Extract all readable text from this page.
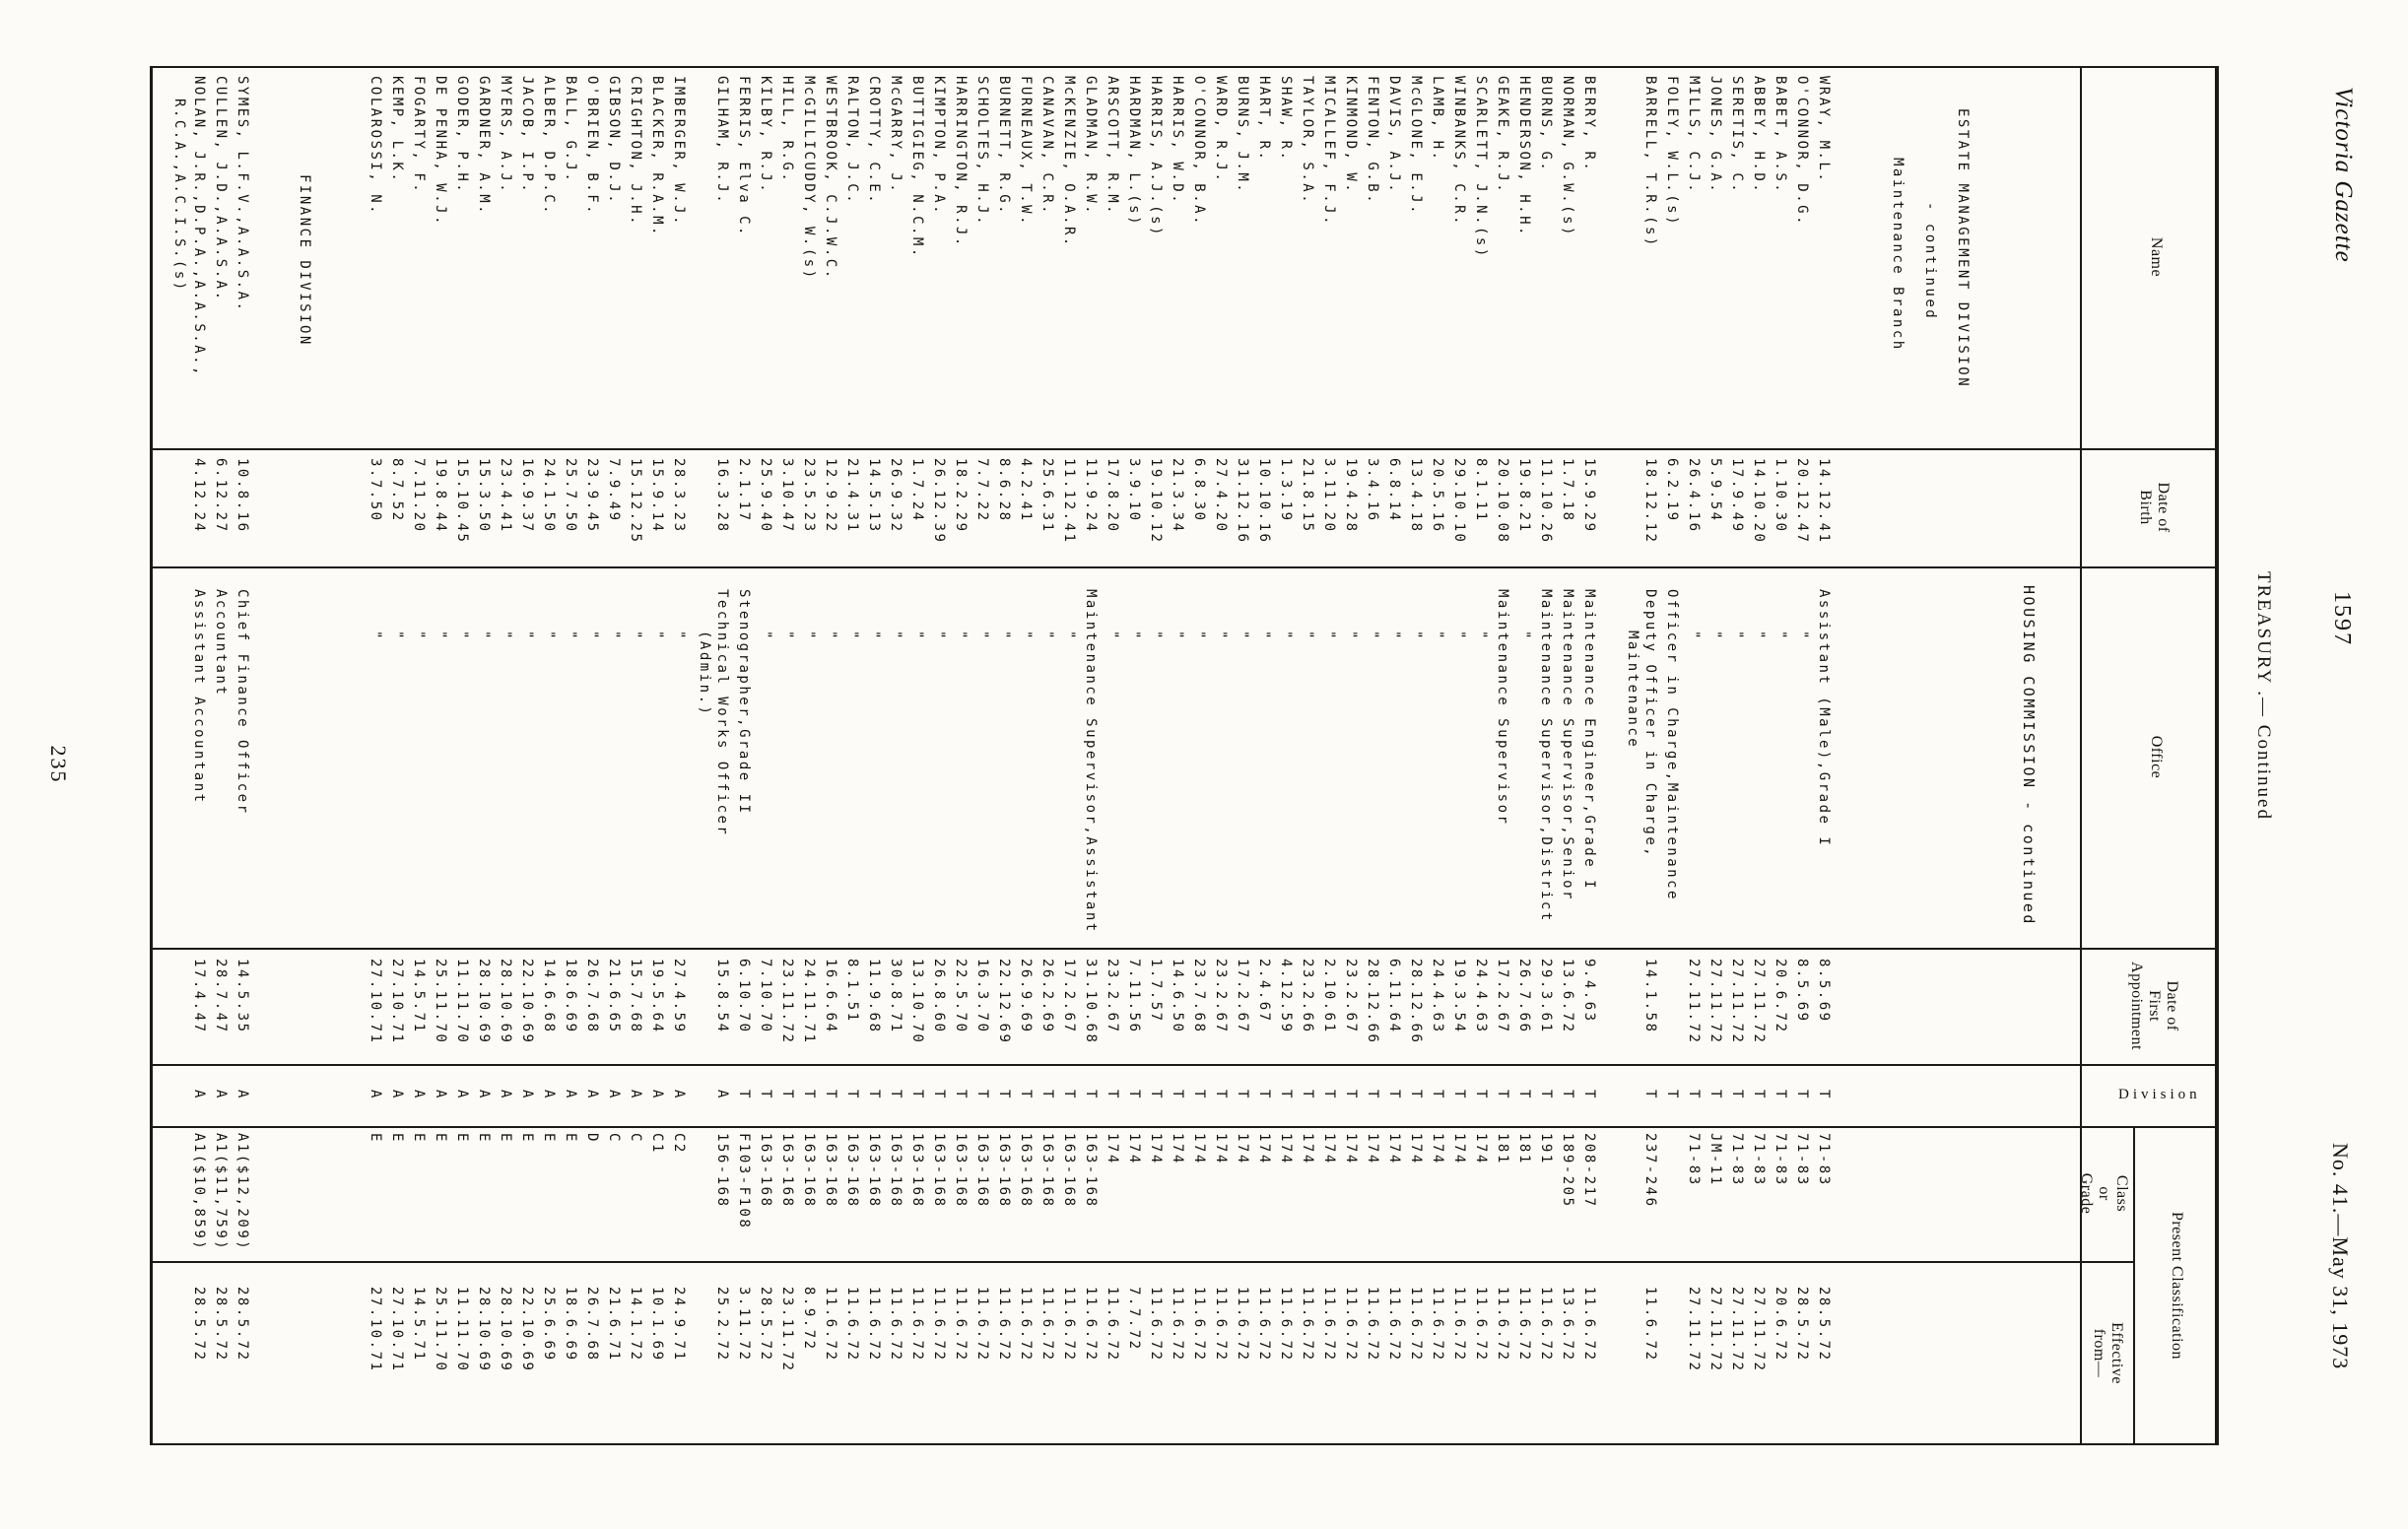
Victoria Gazette
1597
No. 41.—May 31, 1973
TREASURY .— Continued
Name
Date of
Birth
Office
Date of
First
Appointment
Division
Present Classification
Class
or
Grade
Effective
from—
HOUSING COMMISSION - continued
ESTATE MANAGEMENT DIVISION
- continued
Maintenance Branch
WRAY, M.L.
14.12.41
Assistant (Male),Grade I
8.5.69
T
71-83
28.5.72
O'CONNOR, D.G.
20.12.47
"
8.5.69
T
71-83
28.5.72
BABET, A.S.
1.10.30
"
20.6.72
T
71-83
20.6.72
ABBEY, H.D.
14.10.20
"
27.11.72
T
71-83
27.11.72
SERETIS, C.
17.9.49
"
27.11.72
T
71-83
27.11.72
JONES, G.A.
5.9.54
"
27.11.72
T
JM-11
27.11.72
MILLS, C.J.
26.4.16
"
27.11.72
T
71-83
27.11.72
FOLEY, W.L.(s)
6.2.19
Officer in Charge,Maintenance
T
BARRELL, T.R.(s)
18.12.12
Deputy Officer in Charge,
Maintenance
14.1.58
T
237-246
11.6.72
BERRY, R.
15.9.29
Maintenance Engineer,Grade I
9.4.63
T
208-217
11.6.72
NORMAN, G.W.(s)
1.7.18
Maintenance Supervisor,Senior
13.6.72
T
189-205
13.6.72
BURNS, G.
11.10.26
Maintenance Supervisor,District
29.3.61
T
191
11.6.72
HENDERSON, H.H.
19.8.21
"
26.7.66
T
181
11.6.72
GEAKE, R.J.
20.10.08
Maintenance Supervisor
17.2.67
T
181
11.6.72
SCARLETT, J.N.(s)
8.1.11
"
24.4.63
T
174
11.6.72
WINBANKS, C.R.
29.10.10
"
19.3.54
T
174
11.6.72
LAMB, H.
20.5.16
"
24.4.63
T
174
11.6.72
McGLONE, E.J.
13.4.18
"
28.12.66
T
174
11.6.72
DAVIS, A.J.
6.8.14
"
6.11.64
T
174
11.6.72
FENTON, G.B.
3.4.16
"
28.12.66
T
174
11.6.72
KINMOND, W.
19.4.28
"
23.2.67
T
174
11.6.72
MICALLEF, F.J.
3.11.20
"
2.10.61
T
174
11.6.72
TAYLOR, S.A.
21.8.15
"
23.2.66
T
174
11.6.72
SHAW, R.
1.3.19
"
4.12.59
T
174
11.6.72
HART, R.
10.10.16
"
2.4.67
T
174
11.6.72
BURNS, J.M.
31.12.16
"
17.2.67
T
174
11.6.72
WARD, R.J.
27.4.20
"
23.2.67
T
174
11.6.72
O'CONNOR, B.A.
6.8.30
"
23.7.68
T
174
11.6.72
HARRIS, W.D.
21.3.34
"
14.6.50
T
174
11.6.72
HARRIS, A.J.(s)
19.10.12
"
1.7.57
T
174
11.6.72
HARDMAN, L.(s)
3.9.10
"
7.11.56
T
174
7.7.72
ARSCOTT, R.M.
17.8.20
"
23.2.67
T
174
11.6.72
GLADMAN, R.W.
11.9.24
Maintenance Supervisor,Assistant
31.10.68
T
163-168
11.6.72
McKENZIE, O.A.R.
11.12.41
"
17.2.67
T
163-168
11.6.72
CANAVAN, C.R.
25.6.31
"
26.2.69
T
163-168
11.6.72
FURNEAUX, T.W.
4.2.41
"
26.9.69
T
163-168
11.6.72
BURNETT, R.G.
8.6.28
"
22.12.69
T
163-168
11.6.72
SCHOLTES, H.J.
7.7.22
"
16.3.70
T
163-168
11.6.72
HARRINGTON, R.J.
18.2.29
"
22.5.70
T
163-168
11.6.72
KIMPTON, P.A.
26.12.39
"
26.8.60
T
163-168
11.6.72
BUTTIGIEG, N.C.M.
1.7.24
"
13.10.70
T
163-168
11.6.72
McGARRY, J.
26.9.32
"
30.8.71
T
163-168
11.6.72
CROTTY, C.E.
14.5.13
"
11.9.68
T
163-168
11.6.72
RALTON, J.C.
21.4.31
"
8.1.51
T
163-168
11.6.72
WESTBROOK, C.J.W.C.
12.9.22
"
16.6.64
T
163-168
11.6.72
McGILLICUDDY, W.(s)
23.5.23
"
24.11.71
T
163-168
8.9.72
HILL, R.G.
3.10.47
"
23.11.72
T
163-168
23.11.72
KILBY, R.J.
25.9.40
"
7.10.70
T
163-168
28.5.72
FERRIS, Elva C.
2.1.17
Stenographer,Grade II
6.10.70
T
F103-F108
3.11.72
GILHAM, R.J.
16.3.28
Technical Works Officer
(Admin.)
15.8.54
A
156-168
25.2.72
IMBERGER, W.J.
28.3.23
"
27.4.59
A
C2
24.9.71
BLACKER, R.A.M.
15.9.14
"
19.5.64
A
C1
10.1.69
CRIGHTON, J.H.
15.12.25
"
15.7.68
A
C
14.1.72
GIBSON, D.J.
7.9.49
"
21.6.65
A
C
21.6.71
O'BRIEN, B.F.
23.9.45
"
26.7.68
A
D
26.7.68
BALL, G.J.
25.7.50
"
18.6.69
A
E
18.6.69
ALBER, D.P.C.
24.1.50
"
14.6.68
A
E
25.6.69
JACOB, I.P.
16.9.37
"
22.10.69
A
E
22.10.69
MYERS, A.J.
23.4.41
"
28.10.69
A
E
28.10.69
GARDNER, A.M.
15.3.50
"
28.10.69
A
E
28.10.69
GODER, P.H.
15.10.45
"
11.11.70
A
E
11.11.70
DE PENHA, W.J.
19.8.44
"
25.11.70
A
E
25.11.70
FOGARTY, F.
7.11.20
"
14.5.71
A
E
14.5.71
KEMP, L.K.
8.7.52
"
27.10.71
A
E
27.10.71
COLAROSSI, N.
3.7.50
"
27.10.71
A
E
27.10.71
FINANCE DIVISION
SYMES, L.F.V.,A.A.S.A.
10.8.16
Chief Finance Officer
14.5.35
A
A1($12,209)
28.5.72
CULLEN, J.D.,A.A.S.A.
6.12.27
Accountant
28.7.47
A
A1($11,759)
28.5.72
NOLAN, J.R.,D.P.A.,A.A.S.A.,
R.C.A.,A.C.I.S.(s)
4.12.24
Assistant Accountant
17.4.47
A
A1($10,859)
28.5.72
235
